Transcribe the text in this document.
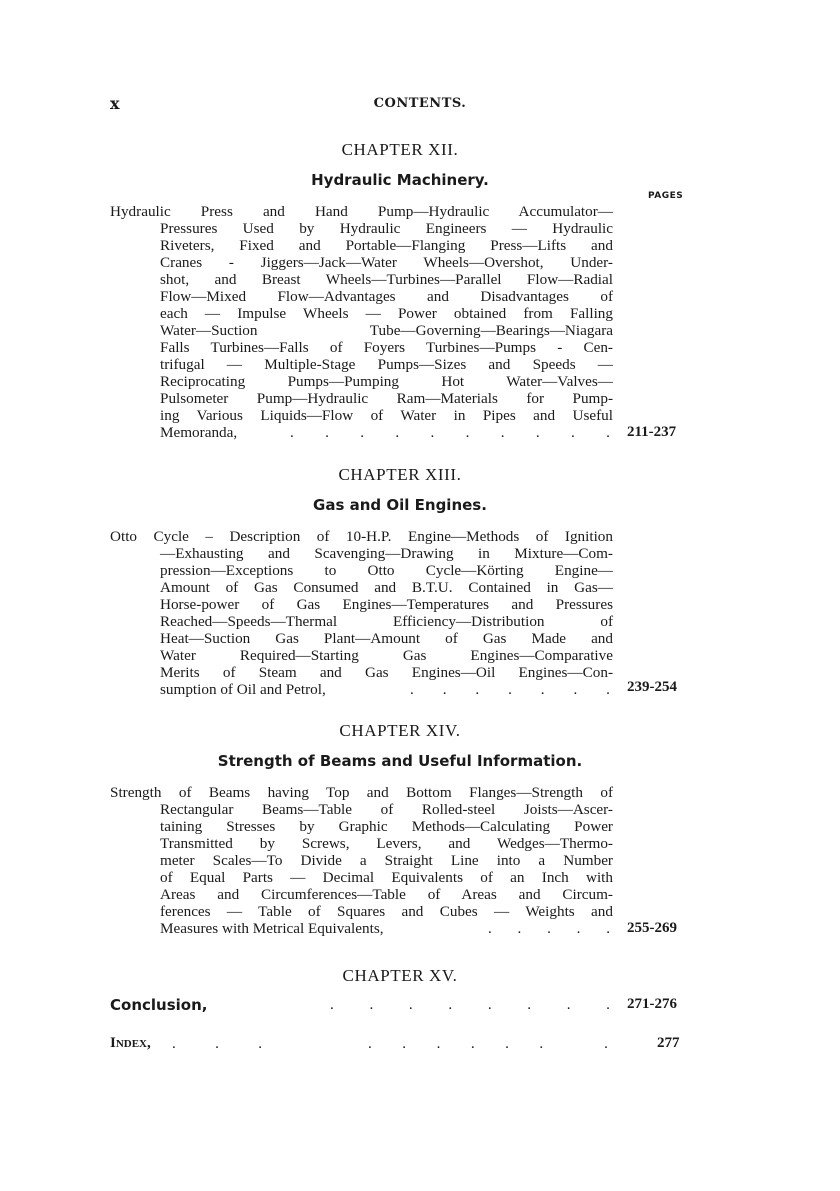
x	CONTENTS.
CHAPTER XII.
Hydraulic Machinery.
PAGES
Hydraulic Press and Hand Pump—Hydraulic Accumulator—
Pressures Used by Hydraulic Engineers — Hydraulic
Riveters, Fixed and Portable—Flanging Press—Lifts and
Cranes - Jiggers—Jack—Water Wheels—Overshot, Under-
shot, and Breast Wheels—Turbines—Parallel Flow—Radial
Flow—Mixed Flow—Advantages and Disadvantages of
each — Impulse Wheels — Power obtained from Falling
Water—Suction Tube—Governing—Bearings—Niagara
Falls Turbines—Falls of Foyers Turbines—Pumps - Cen-
trifugal — Multiple-Stage Pumps—Sizes and Speeds —
Reciprocating Pumps—Pumping Hot Water—Valves—
Pulsometer Pump—Hydraulic Ram—Materials for Pump-
ing Various Liquids—Flow of Water in Pipes and Useful
Memoranda,	. . . . . . . . . . 211-237
CHAPTER XIII.
Gas and Oil Engines.
Otto Cycle – Description of 10-H.P. Engine—Methods of Ignition
—Exhausting and Scavenging—Drawing in Mixture—Com-
pression—Exceptions to Otto Cycle—Körting Engine—
Amount of Gas Consumed and B.T.U. Contained in Gas—
Horse-power of Gas Engines—Temperatures and Pressures
Reached—Speeds—Thermal Efficiency—Distribution of
Heat—Suction Gas Plant—Amount of Gas Made and
Water Required—Starting Gas Engines—Comparative
Merits of Steam and Gas Engines—Oil Engines—Con-
sumption of Oil and Petrol,	. . . . . . . 239-254
CHAPTER XIV.
Strength of Beams and Useful Information.
Strength of Beams having Top and Bottom Flanges—Strength of
Rectangular Beams—Table of Rolled-steel Joists—Ascer-
taining Stresses by Graphic Methods—Calculating Power
Transmitted by Screws, Levers, and Wedges—Thermo-
meter Scales—To Divide a Straight Line into a Number
of Equal Parts — Decimal Equivalents of an Inch with
Areas and Circumferences—Table of Areas and Circum-
ferences — Table of Squares and Cubes — Weights and
Measures with Metrical Equivalents,	. . . . . 255-269
CHAPTER XV.
Conclusion,	. . . . . . . . 271-276
Index, .	.	.	. . . . . .	.	277
